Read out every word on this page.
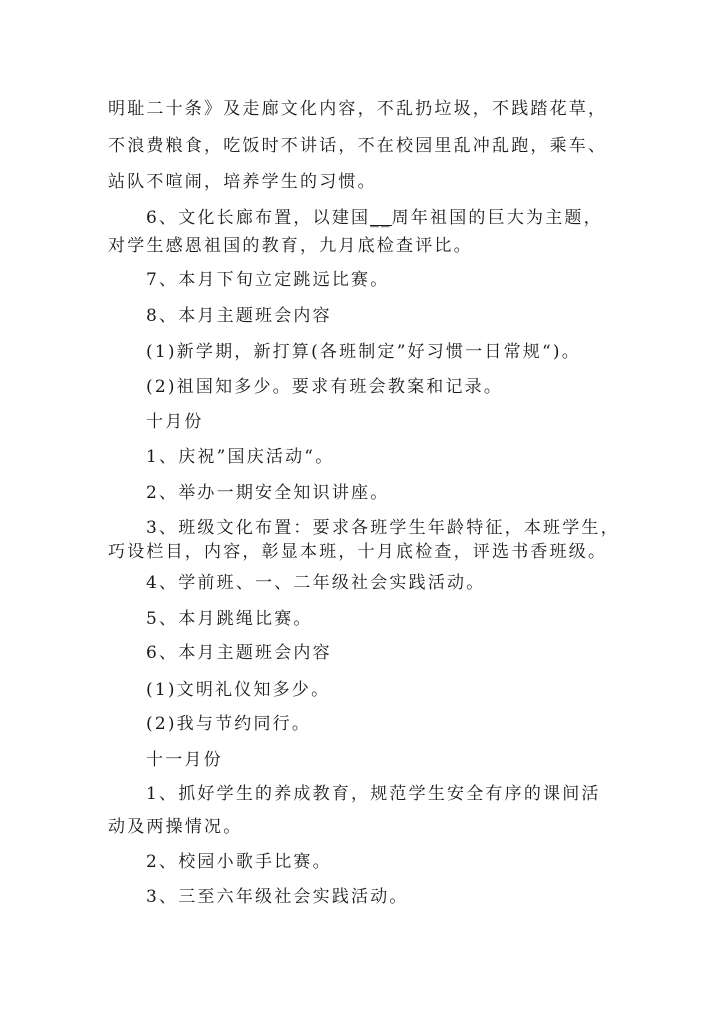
明耻二十条》及走廊文化内容，不乱扔垃圾，不践踏花草，
不浪费粮食，吃饭时不讲话，不在校园里乱冲乱跑，乘车、
站队不喧闹，培养学生的习惯。
6、文化长廊布置，以建国__周年祖国的巨大为主题，
对学生感恩祖国的教育，九月底检查评比。
7、本月下旬立定跳远比赛。
8、本月主题班会内容
(1)新学期，新打算(各班制定”好习惯一日常规“)。
(2)祖国知多少。要求有班会教案和记录。
十月份
1、庆祝”国庆活动“。
2、举办一期安全知识讲座。
3、班级文化布置：要求各班学生年龄特征，本班学生，
巧设栏目，内容，彰显本班，十月底检查，评选书香班级。
4、学前班、一、二年级社会实践活动。
5、本月跳绳比赛。
6、本月主题班会内容
(1)文明礼仪知多少。
(2)我与节约同行。
十一月份
1、抓好学生的养成教育，规范学生安全有序的课间活
动及两操情况。
2、校园小歌手比赛。
3、三至六年级社会实践活动。
